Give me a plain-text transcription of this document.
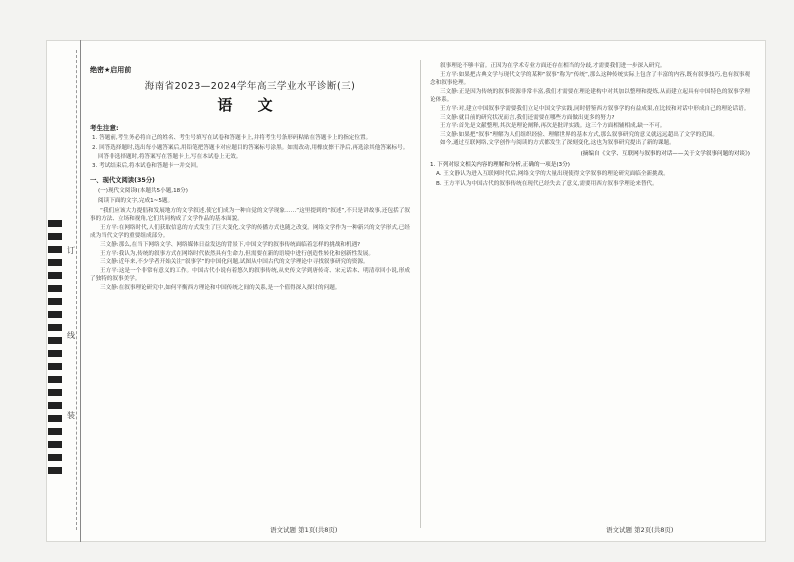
订
线
装
绝密★启用前
海南省2023—2024学年高三学业水平诊断(三)
语 文
考生注意:
1. 答题前,考生务必将自己的姓名、考生号填写在试卷和答题卡上,并将考生号条形码粘贴在答题卡上的指定位置。
2. 回答选择题时,选出每小题答案后,用铅笔把答题卡对应题目的答案标号涂黑。如需改动,用橡皮擦干净后,再选涂其他答案标号。回答非选择题时,将答案写在答题卡上,写在本试卷上无效。
3. 考试结束后,将本试卷和答题卡一并交回。
一、现代文阅读(35分)
(一)现代文阅读Ⅰ(本题共5小题,18分)
阅读下面的文字,完成1~5题。

“我们应该大力提倡和发展地方的文学叙述,使它们成为一种自觉的文学现象……”这里提到的“叙述”,不只是讲故事,还包括了叙事的方法、立场和视角,它们共同构成了文学作品的基本面貌。

王方平:在网络时代,人们获取信息的方式发生了巨大变化,文学的传播方式也随之改变。网络文学作为一种新兴的文学形式,已经成为当代文学的重要组成部分。

三文静:那么,在当下网络文学、网络媒体日益发达的背景下,中国文学的叙事传统面临着怎样的挑战和机遇?

王方平:我认为,传统的叙事方式在网络时代依然具有生命力,但需要在新的语境中进行创造性转化和创新性发展。

三文静:近年来,不少学者开始关注“叙事学”的中国化问题,试图从中国古代的文学理论中寻找叙事研究的资源。

王方平:这是一个非常有意义的工作。中国古代小说有着悠久的叙事传统,从史传文学到唐传奇、宋元话本、明清章回小说,形成了独特的叙事美学。

三文静:在叙事理论研究中,如何平衡西方理论和中国传统之间的关系,是一个值得深入探讨的问题。

叙事理论不够丰富。正因为在学术专业方面还存在相当的分歧,才需要我们进一步深入研究。

王方平:如果把古典文学与现代文学的某种“叙事”称为“传统”,那么这种传统实际上包含了丰富的内容,既有叙事技巧,也有叙事观念和叙事伦理。

三文静:正是因为传统的叙事资源非常丰富,我们才需要在理论建构中对其加以整理和提炼,从而建立起具有中国特色的叙事学理论体系。

王方平:对,建立中国叙事学需要我们立足中国文学实践,同时借鉴西方叙事学的有益成果,在比较和对话中形成自己的理论话语。

三文静:就目前的研究状况而言,我们还需要在哪些方面做出更多的努力?

王方平:首先是文献整理,其次是理论阐释,再次是批评实践。这三个方面相辅相成,缺一不可。

三文静:如果把“叙事”理解为人们组织经验、理解世界的基本方式,那么叙事研究的意义就远远超出了文学的范围。

如今,通过互联网络,文学创作与阅读的方式都发生了深刻变化,这也为叙事研究提出了新的课题。

(摘编自《文学、互联网与叙事的对话——关于文学叙事问题的对谈》)
1. 下列对原文相关内容的理解和分析,正确的一项是(3分)
A. 王文静认为进入互联网时代后,网络文学的大量出现使得文学叙事的理论研究面临全新挑战。
B. 王方平认为中国古代的叙事传统在现代已经失去了意义,需要用西方叙事学理论来替代。
语文试题 第1页(共8页)	语文试题 第2页(共8页)
